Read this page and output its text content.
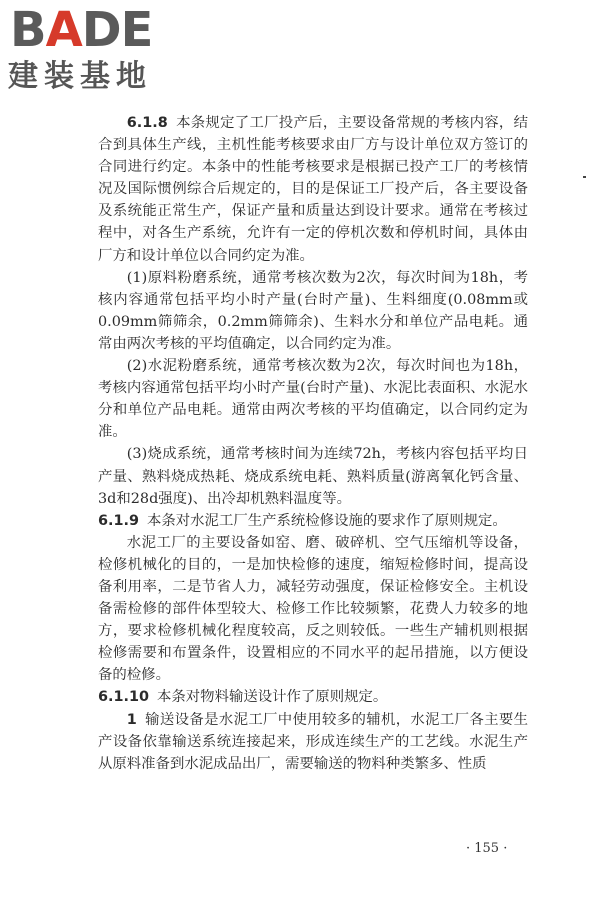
BADE
建装基地

6.1.8 本条规定了工厂投产后，主要设备常规的考核内容，结合到具体生产线，主机性能考核要求由厂方与设计单位双方签订的合同进行约定。本条中的性能考核要求是根据已投产工厂的考核情况及国际惯例综合后规定的，目的是保证工厂投产后，各主要设备及系统能正常生产，保证产量和质量达到设计要求。通常在考核过程中，对各生产系统，允许有一定的停机次数和停机时间，具体由厂方和设计单位以合同约定为准。

(1)原料粉磨系统，通常考核次数为2次，每次时间为18h，考核内容通常包括平均小时产量(台时产量)、生料细度(0.08mm或0.09mm筛筛余，0.2mm筛筛余)、生料水分和单位产品电耗。通常由两次考核的平均值确定，以合同约定为准。

(2)水泥粉磨系统，通常考核次数为2次，每次时间也为18h，考核内容通常包括平均小时产量(台时产量)、水泥比表面积、水泥水分和单位产品电耗。通常由两次考核的平均值确定，以合同约定为准。

(3)烧成系统，通常考核时间为连续72h，考核内容包括平均日产量、熟料烧成热耗、烧成系统电耗、熟料质量(游离氧化钙含量、3d和28d强度)、出冷却机熟料温度等。

6.1.9 本条对水泥工厂生产系统检修设施的要求作了原则规定。

水泥工厂的主要设备如窑、磨、破碎机、空气压缩机等设备，检修机械化的目的，一是加快检修的速度，缩短检修时间，提高设备利用率，二是节省人力，减轻劳动强度，保证检修安全。主机设备需检修的部件体型较大、检修工作比较频繁，花费人力较多的地方，要求检修机械化程度较高，反之则较低。一些生产辅机则根据检修需要和布置条件，设置相应的不同水平的起吊措施，以方便设备的检修。

6.1.10 本条对物料输送设计作了原则规定。

1 输送设备是水泥工厂中使用较多的辅机，水泥工厂各主要生产设备依靠输送系统连接起来，形成连续生产的工艺线。水泥生产从原料准备到水泥成品出厂，需要输送的物料种类繁多、性质

· 155 ·
